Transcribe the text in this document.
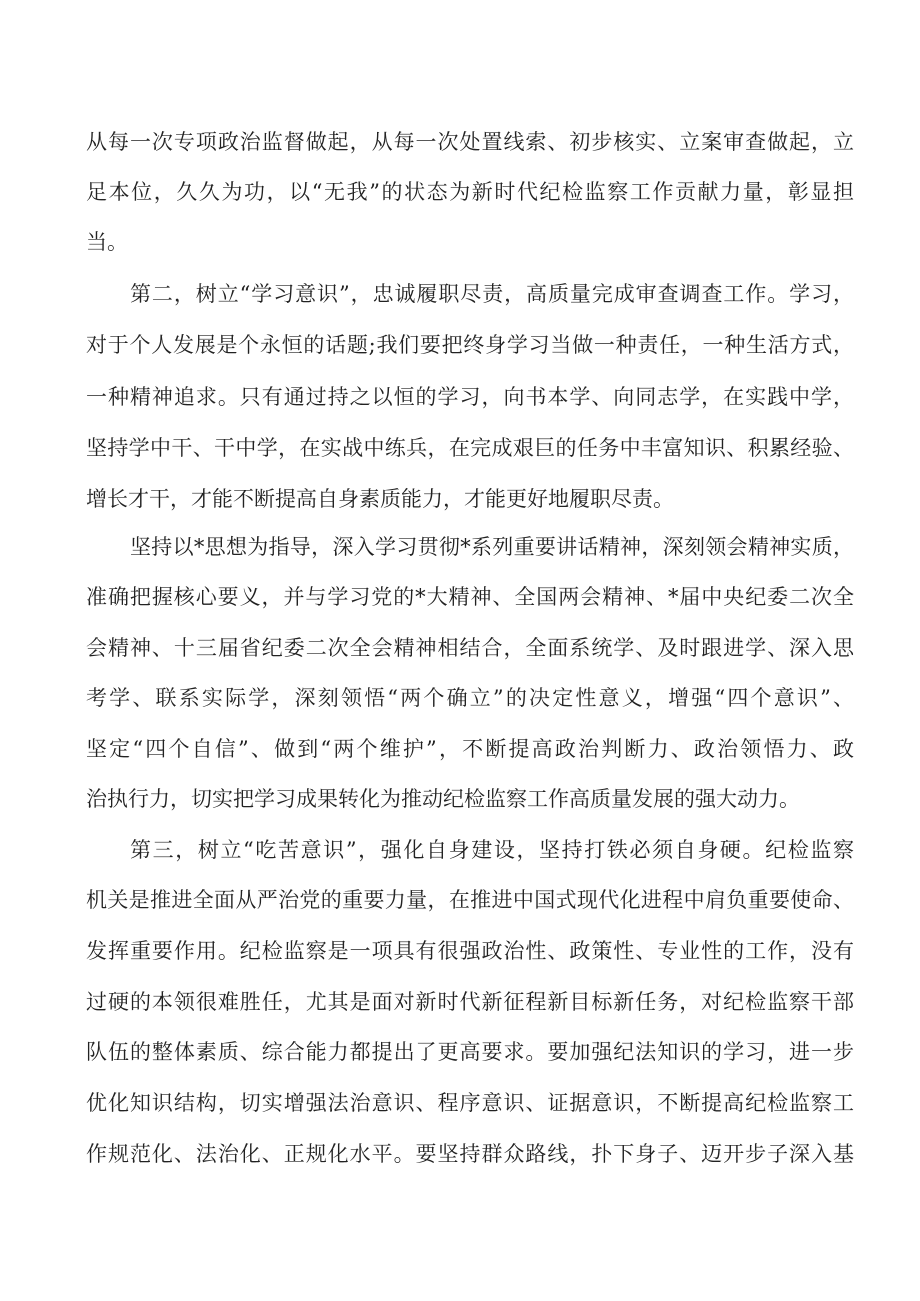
从每一次专项政治监督做起，从每一次处置线索、初步核实、立案审查做起，立
足本位，久久为功，以“无我”的状态为新时代纪检监察工作贡献力量，彰显担
当。
第二，树立“学习意识”，忠诚履职尽责，高质量完成审查调查工作。学习，
对于个人发展是个永恒的话题;我们要把终身学习当做一种责任，一种生活方式，
一种精神追求。只有通过持之以恒的学习，向书本学、向同志学，在实践中学，
坚持学中干、干中学，在实战中练兵，在完成艰巨的任务中丰富知识、积累经验、
增长才干，才能不断提高自身素质能力，才能更好地履职尽责。
坚持以*思想为指导，深入学习贯彻*系列重要讲话精神，深刻领会精神实质，
准确把握核心要义，并与学习党的*大精神、全国两会精神、*届中央纪委二次全
会精神、十三届省纪委二次全会精神相结合，全面系统学、及时跟进学、深入思
考学、联系实际学，深刻领悟“两个确立”的决定性意义，增强“四个意识”、
坚定“四个自信”、做到“两个维护”，不断提高政治判断力、政治领悟力、政
治执行力，切实把学习成果转化为推动纪检监察工作高质量发展的强大动力。
第三，树立“吃苦意识”，强化自身建设，坚持打铁必须自身硬。纪检监察
机关是推进全面从严治党的重要力量，在推进中国式现代化进程中肩负重要使命、
发挥重要作用。纪检监察是一项具有很强政治性、政策性、专业性的工作，没有
过硬的本领很难胜任，尤其是面对新时代新征程新目标新任务，对纪检监察干部
队伍的整体素质、综合能力都提出了更高要求。要加强纪法知识的学习，进一步
优化知识结构，切实增强法治意识、程序意识、证据意识，不断提高纪检监察工
作规范化、法治化、正规化水平。要坚持群众路线，扑下身子、迈开步子深入基
